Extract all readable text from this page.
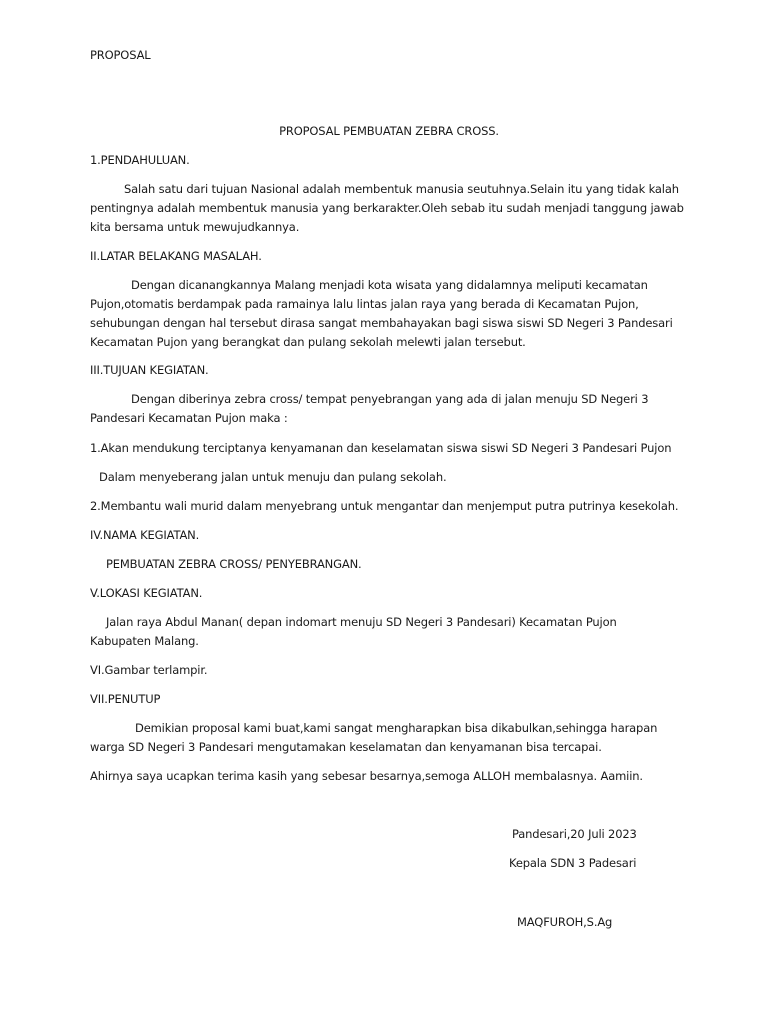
PROPOSAL

PROPOSAL PEMBUATAN ZEBRA CROSS.

1.PENDAHULUAN.

Salah satu dari tujuan Nasional adalah membentuk manusia seutuhnya.Selain itu yang tidak kalah

pentingnya adalah membentuk manusia yang berkarakter.Oleh sebab itu sudah menjadi tanggung jawab

kita bersama untuk mewujudkannya.

II.LATAR BELAKANG MASALAH.

Dengan dicanangkannya Malang menjadi kota wisata yang didalamnya meliputi kecamatan

Pujon,otomatis berdampak pada ramainya lalu lintas jalan raya yang berada di Kecamatan Pujon,

sehubungan dengan hal tersebut dirasa sangat membahayakan bagi siswa siswi SD Negeri 3 Pandesari

Kecamatan Pujon yang berangkat dan pulang sekolah melewti jalan tersebut.

III.TUJUAN KEGIATAN.

Dengan diberinya zebra cross/ tempat penyebrangan yang ada di jalan menuju SD Negeri 3

Pandesari Kecamatan Pujon maka :

1.Akan mendukung terciptanya kenyamanan dan keselamatan siswa siswi SD Negeri 3 Pandesari Pujon

Dalam menyeberang jalan untuk menuju dan pulang sekolah.

2.Membantu wali murid dalam menyebrang untuk mengantar dan menjemput putra putrinya kesekolah.

IV.NAMA KEGIATAN.

PEMBUATAN ZEBRA CROSS/ PENYEBRANGAN.

V.LOKASI KEGIATAN.

Jalan raya Abdul Manan( depan indomart menuju SD Negeri 3 Pandesari) Kecamatan Pujon

Kabupaten Malang.

VI.Gambar terlampir.

VII.PENUTUP

Demikian proposal kami buat,kami sangat mengharapkan bisa dikabulkan,sehingga harapan

warga SD Negeri 3 Pandesari mengutamakan keselamatan dan kenyamanan bisa tercapai.

Ahirnya saya ucapkan terima kasih yang sebesar besarnya,semoga ALLOH membalasnya. Aamiin.

Pandesari,20 Juli 2023

Kepala SDN 3 Padesari

MAQFUROH,S.Ag
